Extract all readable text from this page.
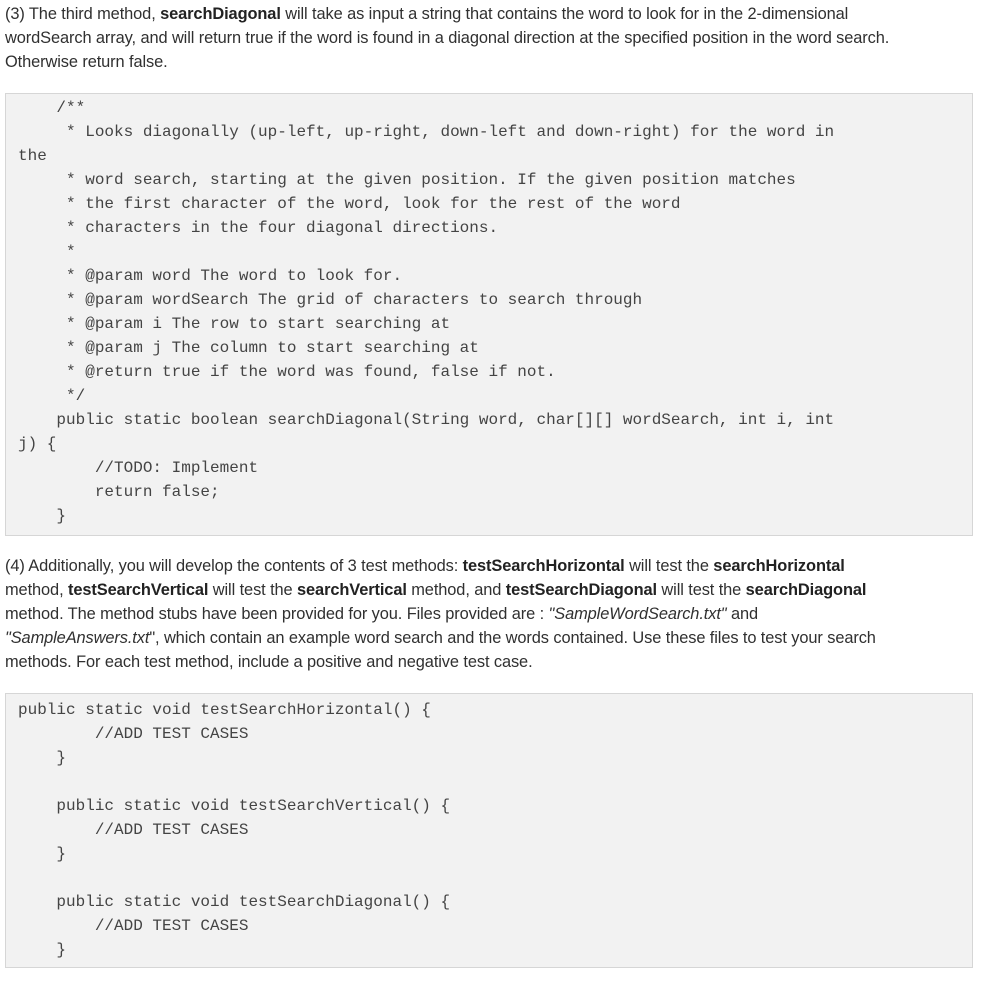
(3) The third method, searchDiagonal will take as input a string that contains the word to look for in the 2-dimensional
wordSearch array, and will return true if the word is found in a diagonal direction at the specified position in the word search.
Otherwise return false.
/**
* Looks diagonally (up-left, up-right, down-left and down-right) for the word in
the
* word search, starting at the given position. If the given position matches
* the first character of the word, look for the rest of the word
* characters in the four diagonal directions.
*
* @param word The word to look for.
* @param wordSearch The grid of characters to search through
* @param i The row to start searching at
* @param j The column to start searching at
* @return true if the word was found, false if not.
*/
public static boolean searchDiagonal(String word, char[][] wordSearch, int i, int
j) {
//TODO: Implement
return false;
}
(4) Additionally, you will develop the contents of 3 test methods: testSearchHorizontal will test the searchHorizontal
method, testSearchVertical will test the searchVertical method, and testSearchDiagonal will test the searchDiagonal
method. The method stubs have been provided for you. Files provided are : "SampleWordSearch.txt" and
"SampleAnswers.txt", which contain an example word search and the words contained. Use these files to test your search
methods. For each test method, include a positive and negative test case.
public static void testSearchHorizontal() {
//ADD TEST CASES
}
public static void testSearchVertical() {
//ADD TEST CASES
}
public static void testSearchDiagonal() {
//ADD TEST CASES
}
